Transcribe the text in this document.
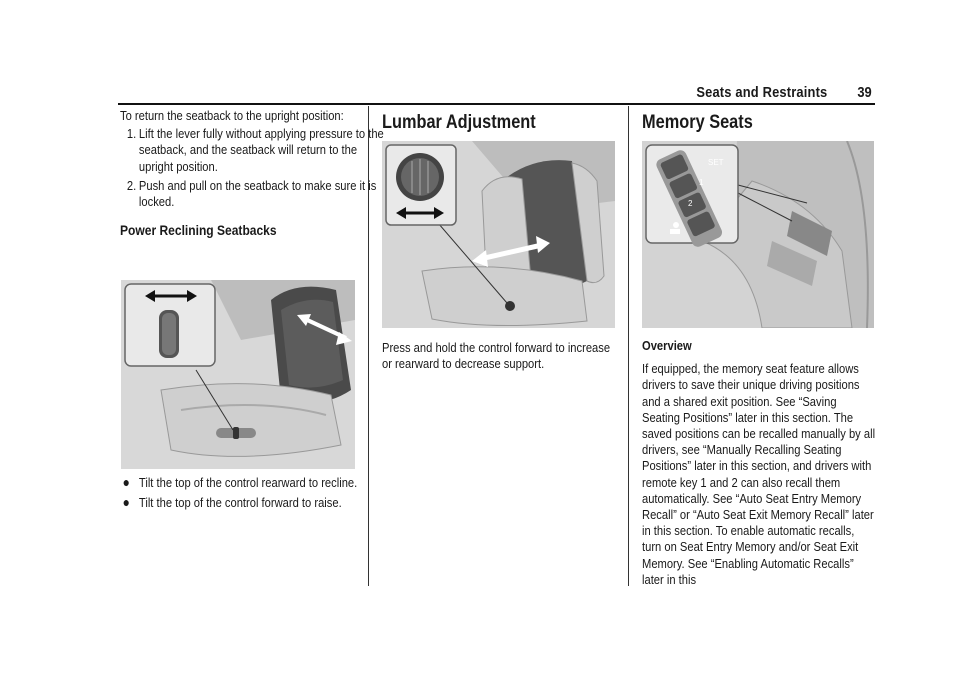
Seats and Restraints 39

To return the seatback to the upright position:

1. Lift the lever fully without applying pressure to the seatback, and the seatback will return to the upright position.
2. Push and pull on the seatback to make sure it is locked.
Power Reclining Seatbacks
● Tilt the top of the control rearward to recline.
● Tilt the top of the control forward to raise.
Lumbar Adjustment

Press and hold the control forward to increase or rearward to decrease support.

Memory Seats
SET
1
2

Overview

If equipped, the memory seat feature allows drivers to save their unique driving positions and a shared exit position. See “Saving Seating Positions” later in this section. The saved positions can be recalled manually by all drivers, see “Manually Recalling Seating Positions” later in this section, and drivers with remote key 1 and 2 can also recall them automatically. See “Auto Seat Entry Memory Recall” or “Auto Seat Exit Memory Recall” later in this section. To enable automatic recalls, turn on Seat Entry Memory and/or Seat Exit Memory. See “Enabling Automatic Recalls” later in this
